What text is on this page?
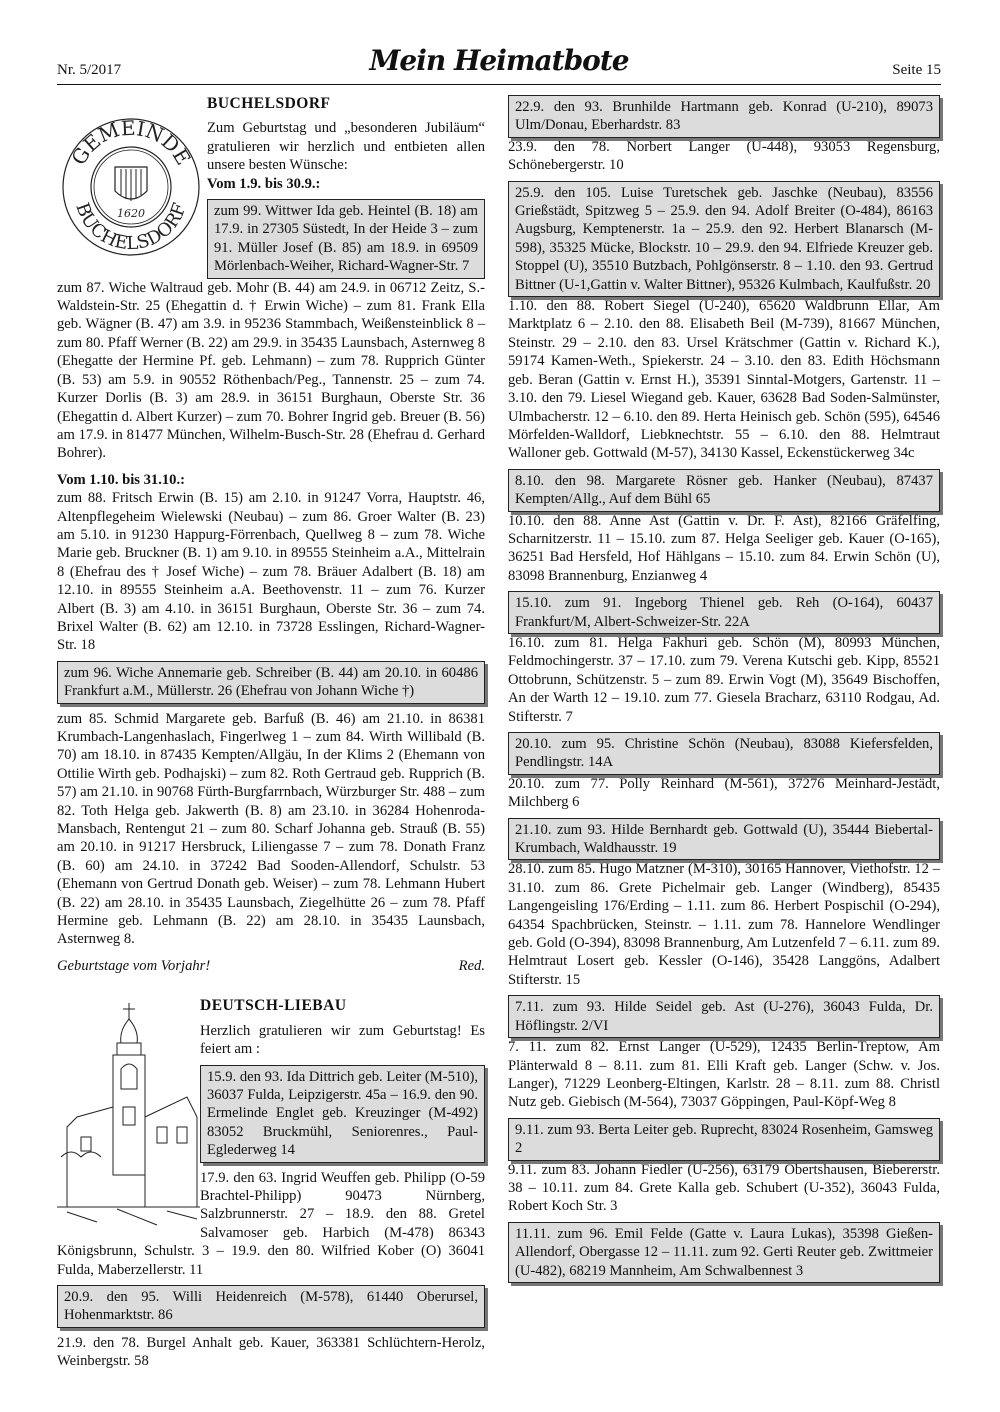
Nr. 5/2017	Mein Heimatbote	Seite 15
GEMEINDE
BUCHELSDORF
1620
BUCHELSDORF

Zum Geburtstag und „besonderen Jubiläum“ gratulieren wir herzlich und entbieten allen unsere besten Wünsche:

Vom 1.9. bis 30.9.:

zum 99. Wittwer Ida geb. Heintel (B. 18) am 17.9. in 27305 Süstedt, In der Heide 3 – zum 91. Müller Josef (B. 85) am 18.9. in 69509 Mörlenbach-Weiher, Richard-Wagner-Str. 7

zum 87. Wiche Waltraud geb. Mohr (B. 44) am 24.9. in 06712 Zeitz, S.-Waldstein-Str. 25 (Ehegattin d. † Erwin Wiche) – zum 81. Frank Ella geb. Wägner (B. 47) am 3.9. in 95236 Stammbach, Weißensteinblick 8 – zum 80. Pfaff Werner (B. 22) am 29.9. in 35435 Launsbach, Asternweg 8 (Ehegatte der Hermine Pf. geb. Lehmann) – zum 78. Rupprich Günter (B. 53) am 5.9. in 90552 Röthenbach/Peg., Tannenstr. 25 – zum 74. Kurzer Dorlis (B. 3) am 28.9. in 36151 Burghaun, Oberste Str. 36 (Ehegattin d. Albert Kurzer) – zum 70. Bohrer Ingrid geb. Breuer (B. 56) am 17.9. in 81477 München, Wilhelm-Busch-Str. 28 (Ehefrau d. Gerhard Bohrer).

Vom 1.10. bis 31.10.:

zum 88. Fritsch Erwin (B. 15) am 2.10. in 91247 Vorra, Hauptstr. 46, Altenpflegeheim Wielewski (Neubau) – zum 86. Groer Walter (B. 23) am 5.10. in 91230 Happurg-Förrenbach, Quellweg 8 – zum 78. Wiche Marie geb. Bruckner (B. 1) am 9.10. in 89555 Steinheim a.A., Mittelrain 8 (Ehefrau des † Josef Wiche) – zum 78. Bräuer Adalbert (B. 18) am 12.10. in 89555 Steinheim a.A. Beethovenstr. 11 – zum 76. Kurzer Albert (B. 3) am 4.10. in 36151 Burghaun, Oberste Str. 36 – zum 74. Brixel Walter (B. 62) am 12.10. in 73728 Esslingen, Richard-Wagner-Str. 18

zum 96. Wiche Annemarie geb. Schreiber (B. 44) am 20.10. in 60486 Frankfurt a.M., Müllerstr. 26 (Ehefrau von Johann Wiche †)

zum 85. Schmid Margarete geb. Barfuß (B. 46) am 21.10. in 86381 Krumbach-Langenhaslach, Fingerlweg 1 – zum 84. Wirth Willibald (B. 70) am 18.10. in 87435 Kempten/Allgäu, In der Klims 2 (Ehemann von Ottilie Wirth geb. Podhajski) – zum 82. Roth Gertraud geb. Rupprich (B. 57) am 21.10. in 90768 Fürth-Burgfarrnbach, Würzburger Str. 488 – zum 82. Toth Helga geb. Jakwerth (B. 8) am 23.10. in 36284 Hohenroda-Mansbach, Rentengut 21 – zum 80. Scharf Johanna geb. Strauß (B. 55) am 20.10. in 91217 Hersbruck, Liliengasse 7 – zum 78. Donath Franz (B. 60) am 24.10. in 37242 Bad Sooden-Allendorf, Schulstr. 53 (Ehemann von Gertrud Donath geb. Weiser) – zum 78. Lehmann Hubert (B. 22) am 28.10. in 35435 Launsbach, Ziegelhütte 26 – zum 78. Pfaff Hermine geb. Lehmann (B. 22) am 28.10. in 35435 Launsbach, Asternweg 8.

Geburtstage vom Vorjahr!	Red.

DEUTSCH-LIEBAU

Herzlich gratulieren wir zum Geburtstag! Es feiert am :

15.9. den 93. Ida Dittrich geb. Leiter (M-510), 36037 Fulda, Leipzigerstr. 45a – 16.9. den 90. Ermelinde Englet geb. Kreuzinger (M-492) 83052 Bruckmühl, Seniorenres., Paul-Eglederweg 14

17.9. den 63. Ingrid Weuffen geb. Philipp (O-59 Brachtel-Philipp) 90473 Nürnberg, Salzbrunnerstr. 27 – 18.9. den 88. Gretel Salvamoser geb. Harbich (M-478) 86343 Königsbrunn, Schulstr. 3 – 19.9. den 80. Wilfried Kober (O) 36041 Fulda, Maberzellerstr. 11

20.9. den 95. Willi Heidenreich (M-578), 61440 Oberursel, Hohenmarktstr. 86

21.9. den 78. Burgel Anhalt geb. Kauer, 363381 Schlüchtern-Herolz, Weinbergstr. 58

22.9. den 93. Brunhilde Hartmann geb. Konrad (U-210), 89073 Ulm/Donau, Eberhardstr. 83

23.9. den 78. Norbert Langer (U-448), 93053 Regensburg, Schönebergerstr. 10

25.9. den 105. Luise Turetschek geb. Jaschke (Neubau), 83556 Grießstädt, Spitzweg 5 – 25.9. den 94. Adolf Breiter (O-484), 86163 Augsburg, Kemptenerstr. 1a – 25.9. den 92. Herbert Blanarsch (M-598), 35325 Mücke, Blockstr. 10 – 29.9. den 94. Elfriede Kreuzer geb. Stoppel (U), 35510 Butzbach, Pohlgönserstr. 8 – 1.10. den 93. Gertrud Bittner (U-1,Gattin v. Walter Bittner), 95326 Kulmbach, Kaulfußstr. 20

1.10. den 88. Robert Siegel (U-240), 65620 Waldbrunn Ellar, Am Marktplatz 6 – 2.10. den 88. Elisabeth Beil (M-739), 81667 München, Steinstr. 29 – 2.10. den 83. Ursel Krätschmer (Gattin v. Richard K.), 59174 Kamen-Weth., Spiekerstr. 24 – 3.10. den 83. Edith Höchsmann geb. Beran (Gattin v. Ernst H.), 35391 Sinntal-Motgers, Gartenstr. 11 – 3.10. den 79. Liesel Wiegand geb. Kauer, 63628 Bad Soden-Salmünster, Ulmbacherstr. 12 – 6.10. den 89. Herta Heinisch geb. Schön (595), 64546 Mörfelden-Walldorf, Liebknechtstr. 55 – 6.10. den 88. Helmtraut Walloner geb. Gottwald (M-57), 34130 Kassel, Eckenstückerweg 34c

8.10. den 98. Margarete Rösner geb. Hanker (Neubau), 87437 Kempten/Allg., Auf dem Bühl 65

10.10. den 88. Anne Ast (Gattin v. Dr. F. Ast), 82166 Gräfelfing, Scharnitzerstr. 11 – 15.10. zum 87. Helga Seeliger geb. Kauer (O-165), 36251 Bad Hersfeld, Hof Hählgans – 15.10. zum 84. Erwin Schön (U), 83098 Brannenburg, Enzianweg 4

15.10. zum 91. Ingeborg Thienel geb. Reh (O-164), 60437 Frankfurt/M, Albert-Schweizer-Str. 22A

16.10. zum 81. Helga Fakhuri geb. Schön (M), 80993 München, Feldmochingerstr. 37 – 17.10. zum 79. Verena Kutschi geb. Kipp, 85521 Ottobrunn, Schützenstr. 5 – zum 89. Erwin Vogt (M), 35649 Bischoffen, An der Warth 12 – 19.10. zum 77. Giesela Bracharz, 63110 Rodgau, Ad. Stifterstr. 7

20.10. zum 95. Christine Schön (Neubau), 83088 Kiefersfelden, Pendlingstr. 14A

20.10. zum 77. Polly Reinhard (M-561), 37276 Meinhard-Jestädt, Milchberg 6

21.10. zum 93. Hilde Bernhardt geb. Gottwald (U), 35444 Biebertal-Krumbach, Waldhausstr. 19

28.10. zum 85. Hugo Matzner (M-310), 30165 Hannover, Viethofstr. 12 – 31.10. zum 86. Grete Pichelmair geb. Langer (Windberg), 85435 Langengeisling 176/Erding – 1.11. zum 86. Herbert Pospischil (O-294), 64354 Spachbrücken, Steinstr. – 1.11. zum 78. Hannelore Wendlinger geb. Gold (O-394), 83098 Brannenburg, Am Lutzenfeld 7 – 6.11. zum 89. Helmtraut Losert geb. Kessler (O-146), 35428 Langgöns, Adalbert Stifterstr. 15

7.11. zum 93. Hilde Seidel geb. Ast (U-276), 36043 Fulda, Dr. Höflingstr. 2/VI

7. 11. zum 82. Ernst Langer (U-529), 12435 Berlin-Treptow, Am Plänterwald 8 – 8.11. zum 81. Elli Kraft geb. Langer (Schw. v. Jos. Langer), 71229 Leonberg-Eltingen, Karlstr. 28 – 8.11. zum 88. Christl Nutz geb. Giebisch (M-564), 73037 Göppingen, Paul-Köpf-Weg 8

9.11. zum 93. Berta Leiter geb. Ruprecht, 83024 Rosenheim, Gamsweg 2

9.11. zum 83. Johann Fiedler (U-256), 63179 Obertshausen, Biebererstr. 38 – 10.11. zum 84. Grete Kalla geb. Schubert (U-352), 36043 Fulda, Robert Koch Str. 3

11.11. zum 96. Emil Felde (Gatte v. Laura Lukas), 35398 Gießen-Allendorf, Obergasse 12 – 11.11. zum 92. Gerti Reuter geb. Zwittmeier (U-482), 68219 Mannheim, Am Schwalbennest 3
